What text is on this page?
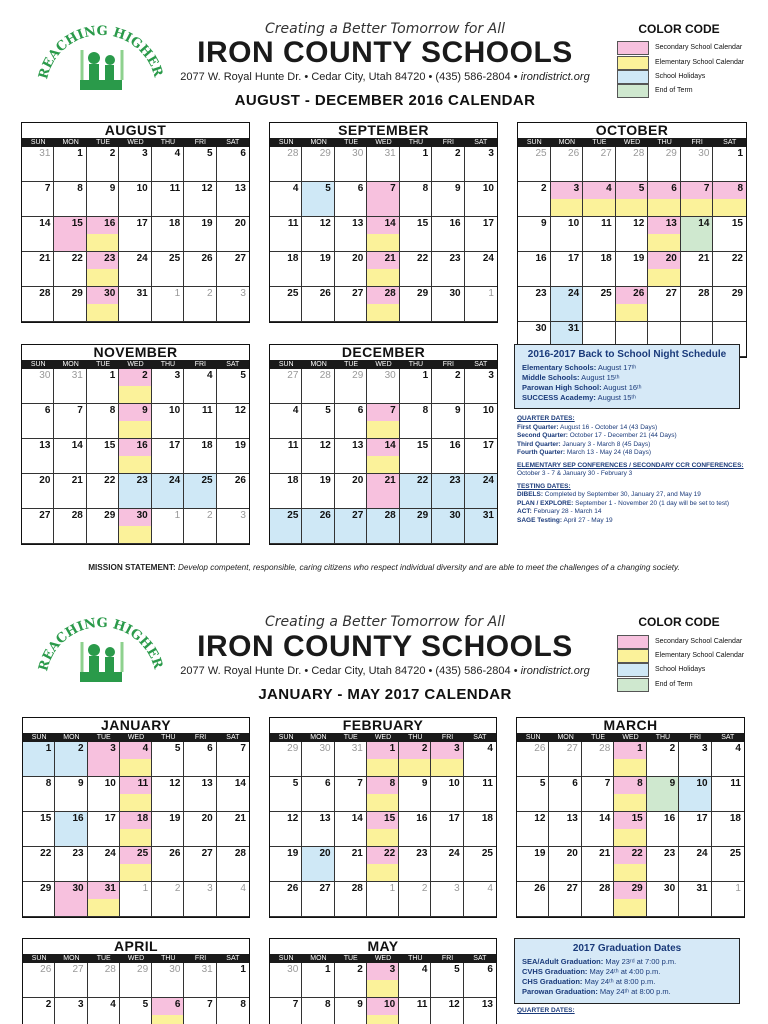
REACHING HIGHER
Creating a Better Tomorrow for All
IRON COUNTY SCHOOLS
2077 W. Royal Hunte Dr. • Cedar City, Utah 84720 • (435) 586-2804 • irondistrict.org
AUGUST - DECEMBER 2016 CALENDAR
COLOR CODE
Secondary School Calendar
Elementary School Calendar
School Holidays
End of Term
AUGUST
SUN	MON	TUE	WED	THU	FRI	SAT
31	1	2	3	4	5	6
7	8	9 10 11 12 13
14 15 16 17 18 19 20
21 22 23 24 25 26 27
28 29 30 31	1	2	3
SEPTEMBER
SUN	MON	TUE	WED	THU	FRI	SAT
28 29 30 31	1	2	3
4	5	6	7	8	9 10
11 12 13 14 15 16 17
18 19 20 21 22 23 24
25 26 27 28 29 30	1
OCTOBER
SUN	MON	TUE	WED	THU	FRI	SAT
25 26 27 28 29 30	1
2	3	4	5	6	7	8
9 10 11 12 13 14 15
16 17 18 19 20 21 22
23 24 25 26 27 28 29
30 31
NOVEMBER
SUN	MON	TUE	WED	THU	FRI	SAT
30 31	1	2	3	4	5
6	7	8	9 10 11 12
13 14 15 16 17 18 19
20 21 22 23 24 25 26
27 28 29 30	1	2	3
DECEMBER
SUN	MON	TUE	WED	THU	FRI	SAT
27 28 29 30	1	2	3
4	5	6	7	8	9 10
11 12 13 14 15 16 17
18 19 20 21 22 23 24
25 26 27 28 29 30 31
2016-2017 Back to School Night Schedule
Elementary Schools: August 17ᵗʰ
Middle Schools: August 15ᵗʰ
Parowan High School: August 16ᵗʰ
SUCCESS Academy: August 15ᵗʰ
QUARTER DATES:
First Quarter: August 16 - October 14 (43 Days)
Second Quarter: October 17 - December 21 (44 Days)
Third Quarter: January 3 - March 8 (45 Days)
Fourth Quarter: March 13 - May 24 (48 Days)
ELEMENTARY SEP CONFERENCES / SECONDARY CCR CONFERENCES:
October 3 - 7 & January 30 - February 3
TESTING DATES:
DIBELS: Completed by September 30, January 27, and May 19
PLAN / EXPLORE: September 1 - November 20 (1 day will be set to test)
ACT: February 28 - March 14
SAGE Testing: April 27 - May 19
MISSION STATEMENT: Develop competent, responsible, caring citizens who respect individual diversity and are able to meet the challenges of a changing society.
REACHING HIGHER
Creating a Better Tomorrow for All
IRON COUNTY SCHOOLS
2077 W. Royal Hunte Dr. • Cedar City, Utah 84720 • (435) 586-2804 • irondistrict.org
JANUARY - MAY 2017 CALENDAR
COLOR CODE
Secondary School Calendar
Elementary School Calendar
School Holidays
End of Term
JANUARY
SUN	MON	TUE	WED	THU	FRI	SAT
1	2	3	4	5	6	7
8	9 10 11 12 13 14
15 16 17 18 19 20 21
22 23 24 25 26 27 28
29 30 31	1	2	3	4
FEBRUARY
SUN	MON	TUE	WED	THU	FRI	SAT
29 30 31	1	2	3	4
5	6	7	8	9 10 11
12 13 14 15 16 17 18
19 20 21 22 23 24 25
26 27 28	1	2	3	4
MARCH
SUN	MON	TUE	WED	THU	FRI	SAT
26 27 28	1	2	3	4
5	6	7	8	9 10 11
12 13 14 15 16 17 18
19 20 21 22 23 24 25
26 27 28 29 30 31	1
APRIL
SUN	MON	TUE	WED	THU	FRI	SAT
26 27 28 29 30 31	1
2	3	4	5	6	7	8
MAY
SUN	MON	TUE	WED	THU	FRI	SAT
30	1	2	3	4	5	6
7	8	9 10 11 12 13
2017 Graduation Dates
SEA/Adult Graduation: May 23ʳᵈ at 7:00 p.m.
CVHS Graduation: May 24ᵗʰ at 4:00 p.m.
CHS Graduation: May 24ᵗʰ at 8:00 p.m.
Parowan Graduation: May 24ᵗʰ at 8:00 p.m.
QUARTER DATES:
